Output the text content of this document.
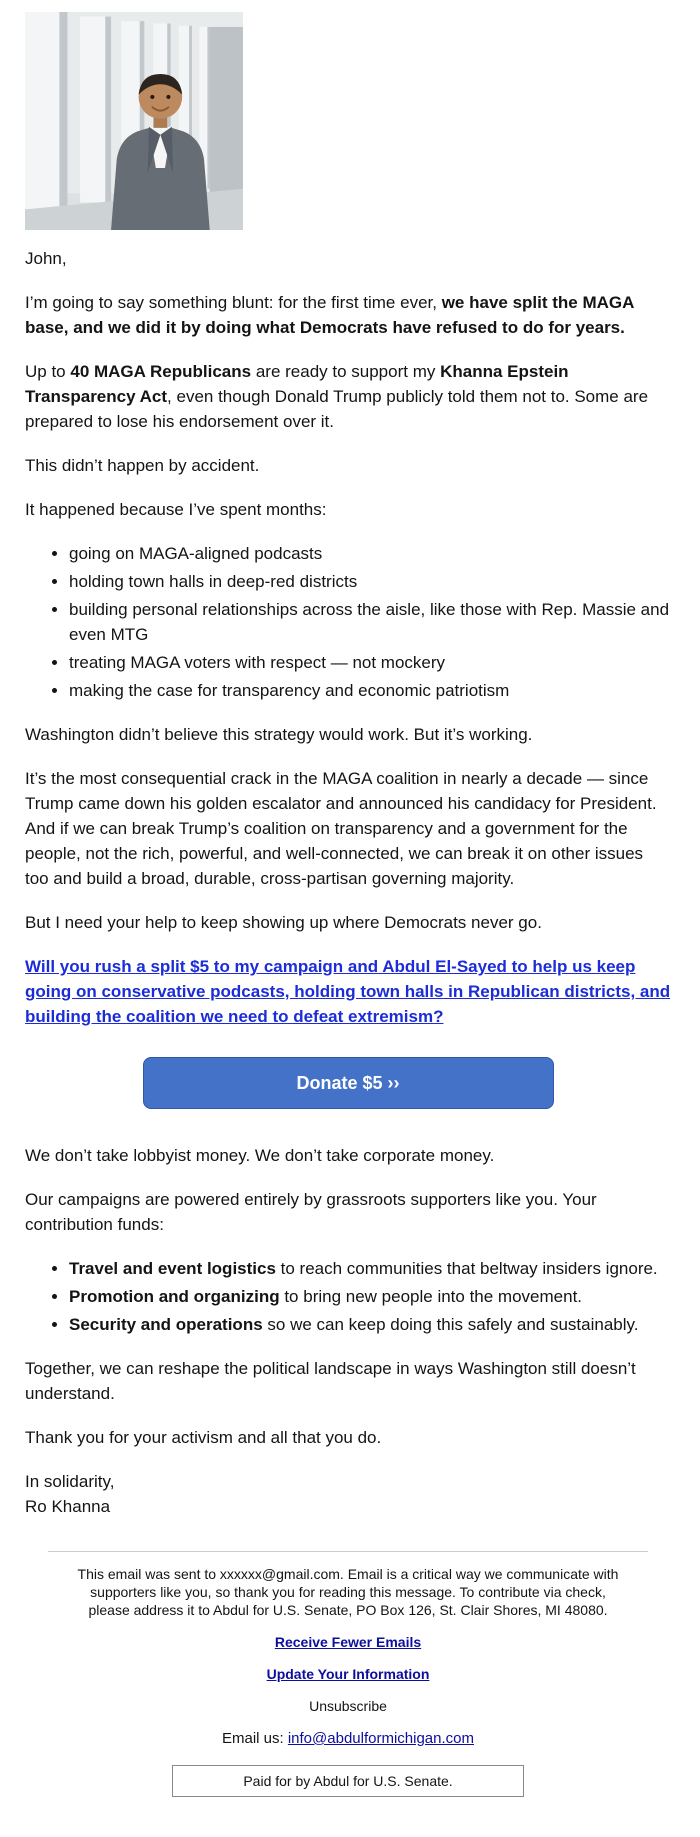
John,

I’m going to say something blunt: for the first time ever, we have split the MAGA base, and we did it by doing what Democrats have refused to do for years.

Up to 40 MAGA Republicans are ready to support my Khanna Epstein Transparency Act, even though Donald Trump publicly told them not to. Some are prepared to lose his endorsement over it.

This didn’t happen by accident.

It happened because I’ve spent months:

• going on MAGA-aligned podcasts
• holding town halls in deep-red districts
• building personal relationships across the aisle, like those with Rep. Massie and even MTG
• treating MAGA voters with respect — not mockery
• making the case for transparency and economic patriotism

Washington didn’t believe this strategy would work. But it’s working.

It’s the most consequential crack in the MAGA coalition in nearly a decade — since Trump came down his golden escalator and announced his candidacy for President. And if we can break Trump’s coalition on transparency and a government for the people, not the rich, powerful, and well-connected, we can break it on other issues too and build a broad, durable, cross-partisan governing majority.

But I need your help to keep showing up where Democrats never go.

Will you rush a split $5 to my campaign and Abdul El-Sayed to help us keep going on conservative podcasts, holding town halls in Republican districts, and building the coalition we need to defeat extremism?

Donate $5 ››

We don’t take lobbyist money. We don’t take corporate money.

Our campaigns are powered entirely by grassroots supporters like you. Your contribution funds:

• Travel and event logistics to reach communities that beltway insiders ignore.
• Promotion and organizing to bring new people into the movement.
• Security and operations so we can keep doing this safely and sustainably.

Together, we can reshape the political landscape in ways Washington still doesn’t understand.

Thank you for your activism and all that you do.

In solidarity,
Ro Khanna

This email was sent to xxxxxx@gmail.com. Email is a critical way we communicate with supporters like you, so thank you for reading this message. To contribute via check, please address it to Abdul for U.S. Senate, PO Box 126, St. Clair Shores, MI 48080.

Receive Fewer Emails

Update Your Information

Unsubscribe

Email us: info@abdulformichigan.com

Paid for by Abdul for U.S. Senate.
